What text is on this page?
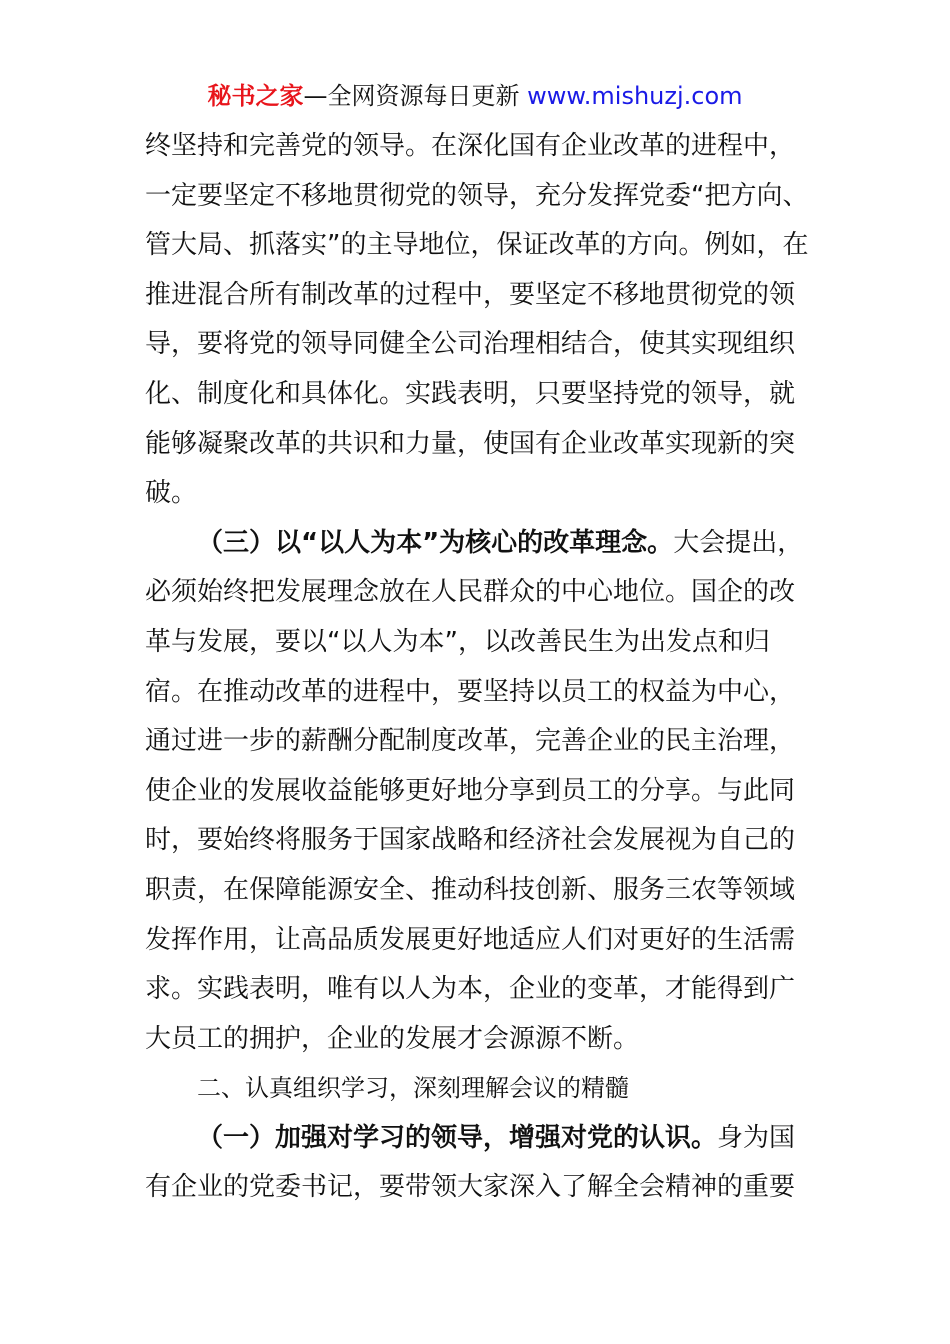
秘书之家—全网资源每日更新 www.mishuzj.com

终坚持和完善党的领导。在深化国有企业改革的进程中，一定要坚定不移地贯彻党的领导，充分发挥党委“把方向、管大局、抓落实”的主导地位，保证改革的方向。例如，在推进混合所有制改革的过程中，要坚定不移地贯彻党的领导，要将党的领导同健全公司治理相结合，使其实现组织化、制度化和具体化。实践表明，只要坚持党的领导，就能够凝聚改革的共识和力量，使国有企业改革实现新的突破。

（三）以“以人为本”为核心的改革理念。大会提出，必须始终把发展理念放在人民群众的中心地位。国企的改革与发展，要以“以人为本”，以改善民生为出发点和归宿。在推动改革的进程中，要坚持以员工的权益为中心，通过进一步的薪酬分配制度改革，完善企业的民主治理，使企业的发展收益能够更好地分享到员工的分享。与此同时，要始终将服务于国家战略和经济社会发展视为自己的职责，在保障能源安全、推动科技创新、服务三农等领域发挥作用，让高品质发展更好地适应人们对更好的生活需求。实践表明，唯有以人为本，企业的变革，才能得到广大员工的拥护，企业的发展才会源源不断。

二、认真组织学习，深刻理解会议的精髓

（一）加强对学习的领导，增强对党的认识。身为国有企业的党委书记，要带领大家深入了解全会精神的重要
